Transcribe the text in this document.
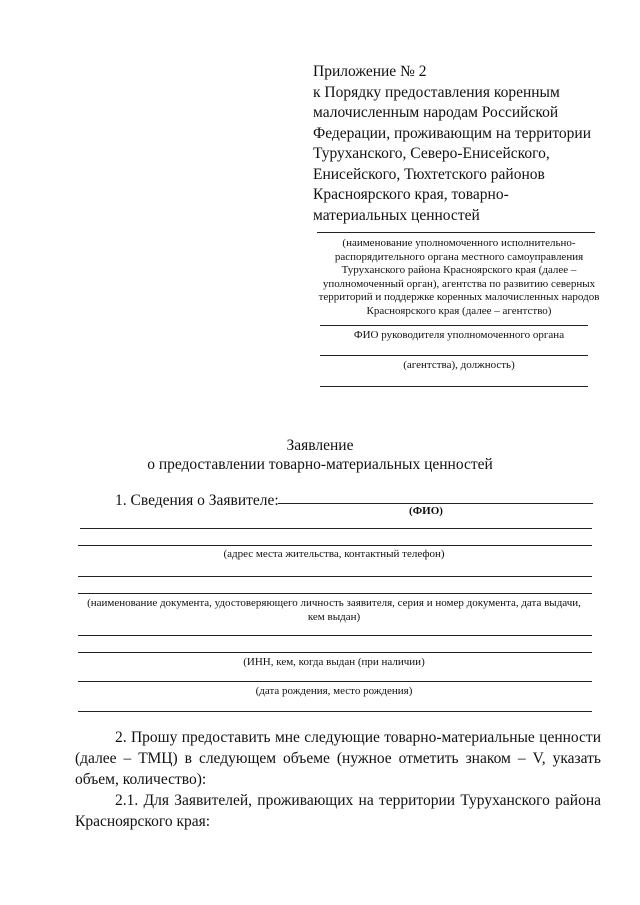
Приложение № 2
к Порядку предоставления коренным
малочисленным народам Российской
Федерации, проживающим на территории
Туруханского, Северо-Енисейского,
Енисейского, Тюхтетского районов
Красноярского края, товарно-
материальных ценностей
(наименование уполномоченного исполнительно-
распорядительного органа местного самоуправления
Туруханского района Красноярского края (далее –
уполномоченный орган), агентства по развитию северных
территорий и поддержке коренных малочисленных народов
Красноярского края (далее – агентство)
ФИО руководителя уполномоченного органа
(агентства), должность)
Заявление
о предоставлении товарно-материальных ценностей
1. Сведения о Заявителе:
(ФИО)
(адрес места жительства, контактный телефон)
(наименование документа, удостоверяющего личность заявителя, серия и номер документа, дата выдачи,
кем выдан)
(ИНН, кем, когда выдан (при наличии)
(дата рождения, место рождения)
2. Прошу предоставить мне следующие товарно-материальные ценности
(далее – ТМЦ) в следующем объеме (нужное отметить знаком – V, указать
объем, количество):
2.1. Для Заявителей, проживающих на территории Туруханского района
Красноярского края:
